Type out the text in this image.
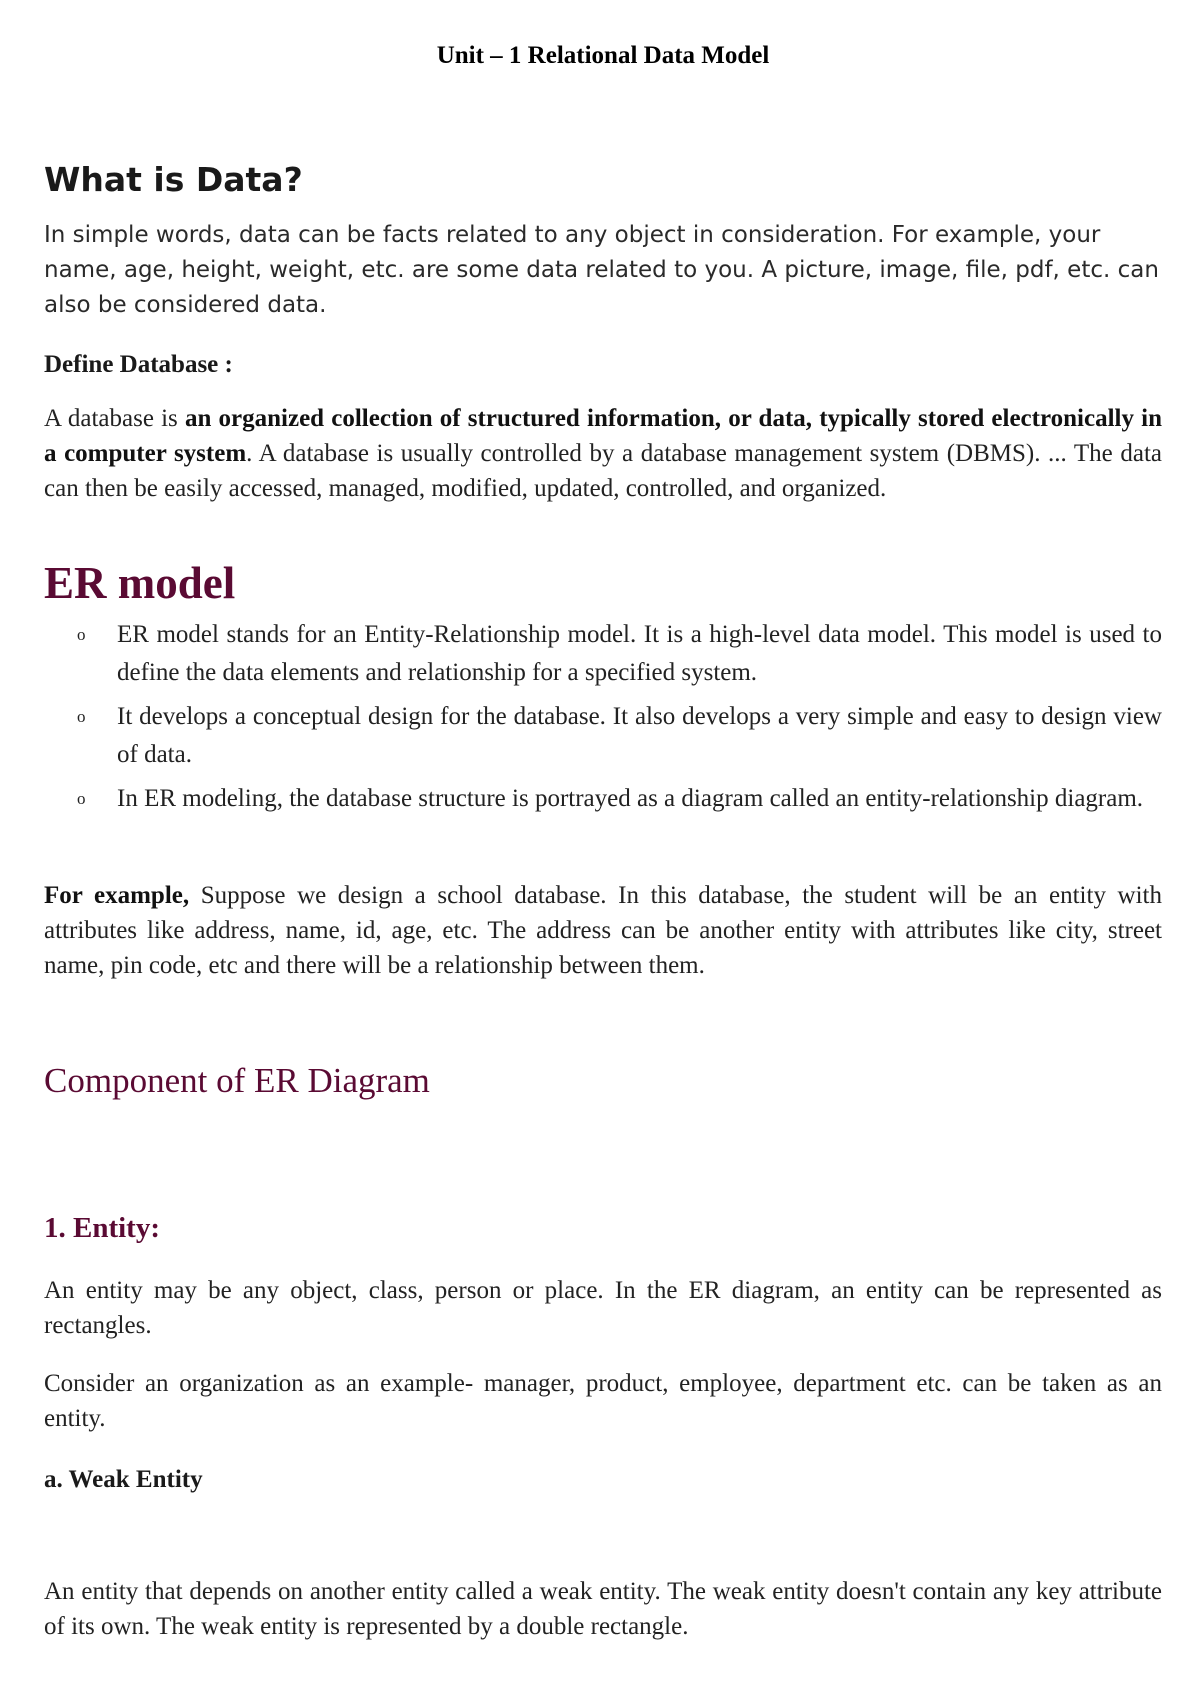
Unit – 1 Relational Data Model
What is Data?

In simple words, data can be facts related to any object in consideration. For example, your name, age, height, weight, etc. are some data related to you. A picture, image, file, pdf, etc. can also be considered data.

Define Database :

A database is an organized collection of structured information, or data, typically stored electronically in a computer system. A database is usually controlled by a database management system (DBMS). ... The data can then be easily accessed, managed, modified, updated, controlled, and organized.

ER model
o ER model stands for an Entity-Relationship model. It is a high-level data model. This model is used to define the data elements and relationship for a specified system.
o It develops a conceptual design for the database. It also develops a very simple and easy to design view of data.
o In ER modeling, the database structure is portrayed as a diagram called an entity-relationship diagram.

For example, Suppose we design a school database. In this database, the student will be an entity with attributes like address, name, id, age, etc. The address can be another entity with attributes like city, street name, pin code, etc and there will be a relationship between them.

Component of ER Diagram
1. Entity:

An entity may be any object, class, person or place. In the ER diagram, an entity can be represented as rectangles.

Consider an organization as an example- manager, product, employee, department etc. can be taken as an entity.

a. Weak Entity

An entity that depends on another entity called a weak entity. The weak entity doesn't contain any key attribute of its own. The weak entity is represented by a double rectangle.
